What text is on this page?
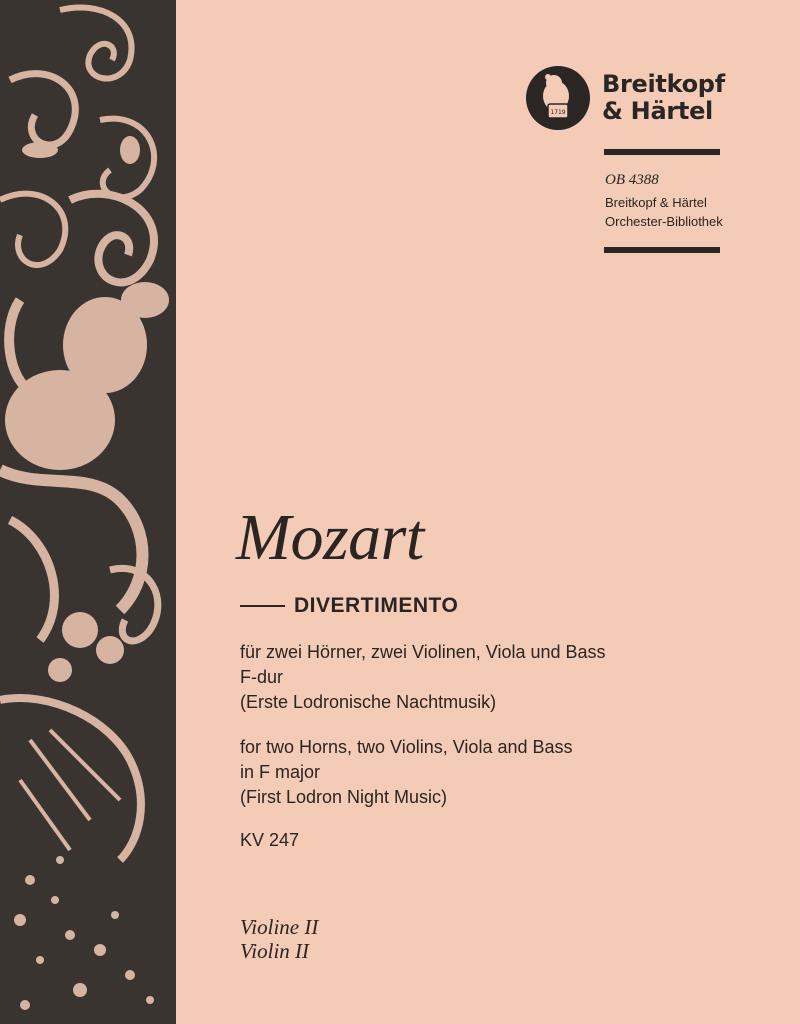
1719
Breitkopf
& Härtel
OB 4388
Breitkopf & Härtel
Orchester-Bibliothek
Mozart
DIVERTIMENTO
für zwei Hörner, zwei Violinen, Viola und Bass
F-dur
(Erste Lodronische Nachtmusik)
for two Horns, two Violins, Viola and Bass
in F major
(First Lodron Night Music)
KV 247
Violine II
Violin II
